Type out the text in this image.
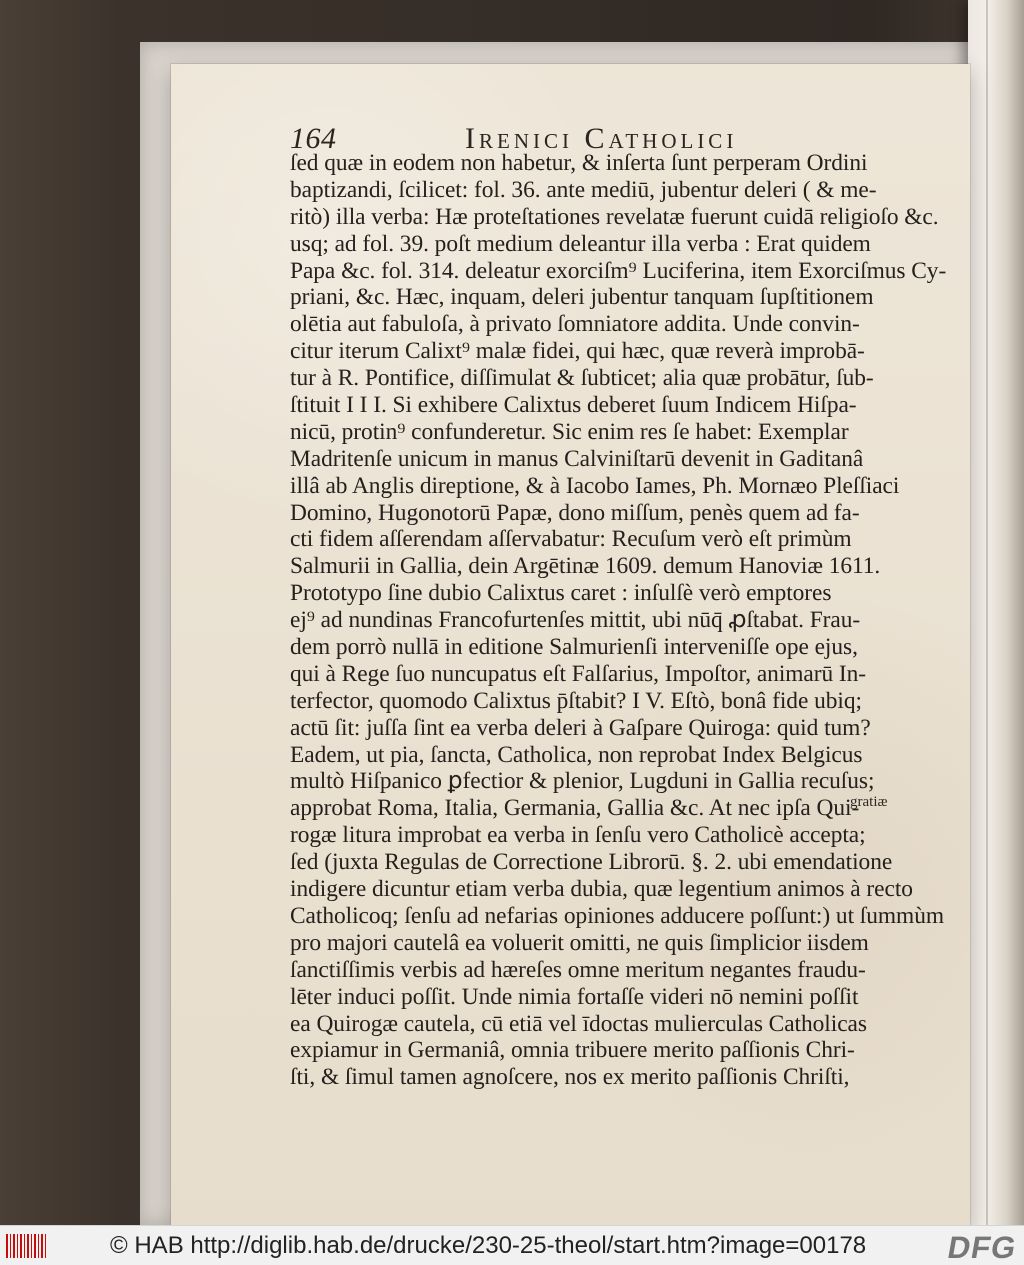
164	Irenici Catholici
ſed quæ in eodem non habetur, & inſerta ſunt perperam Ordini
baptizandi, ſcilicet: fol. 36. ante mediū, jubentur deleri ( & me-
ritò) illa verba: Hæ proteſtationes revelatæ fuerunt cuidā religioſo &c.
usq; ad fol. 39. poſt medium deleantur illa verba : Erat quidem
Papa &c. fol. 314. deleatur exorciſm⁹ Luciferina, item Exorciſmus Cy-
priani, &c. Hæc, inquam, deleri jubentur tanquam ſupſtitionem
olētia aut fabuloſa, à privato ſomniatore addita. Unde convin-
citur iterum Calixt⁹ malæ fidei, qui hæc, quæ reverà improbā-
tur à R. Pontifice, diſſimulat & ſubticet; alia quæ probātur, ſub-
ſtituit I I I. Si exhibere Calixtus deberet ſuum Indicem Hiſpa-
nicū, protin⁹ confunderetur. Sic enim res ſe habet: Exemplar
Madritenſe unicum in manus Calviniſtarū devenit in Gaditanâ
illâ ab Anglis direptione, & à Iacobo Iames, Ph. Mornæo Pleſſiaci
Domino, Hugonotorū Papæ, dono miſſum, penès quem ad fa-
cti fidem aſſerendam aſſervabatur: Recuſum verò eſt primùm
Salmurii in Gallia, dein Argētinæ 1609. demum Hanoviæ 1611.
Prototypo ſine dubio Calixtus caret : inſulſè verò emptores
ej⁹ ad nundinas Francofurtenſes mittit, ubi nūq̄ ꝓſtabat. Frau-
dem porrò nullā in editione Salmurienſi interveniſſe ope ejus,
qui à Rege ſuo nuncupatus eſt Falſarius, Impoſtor, animarū In-
terfector, quomodo Calixtus p̄ſtabit? I V. Eſtò, bonâ fide ubiq;
actū ſit: juſſa ſint ea verba deleri à Gaſpare Quiroga: quid tum?
Eadem, ut pia, ſancta, Catholica, non reprobat Index Belgicus
multò Hiſpanico ꝑfectior & plenior, Lugduni in Gallia recuſus;
approbat Roma, Italia, Germania, Gallia &c. At nec ipſa Qui-
rogæ litura improbat ea verba in ſenſu vero Catholicè accepta;
ſed (juxta Regulas de Correctione Librorū. §. 2. ubi emendatione
indigere dicuntur etiam verba dubia, quæ legentium animos à recto
Catholicoq; ſenſu ad nefarias opiniones adducere poſſunt:) ut ſummùm
pro majori cautelâ ea voluerit omitti, ne quis ſimplicior iisdem
ſanctiſſimis verbis ad hæreſes omne meritum negantes fraudu-
lēter induci poſſit. Unde nimia fortaſſe videri nō nemini poſſit
ea Quirogæ cautela, cū etiā vel īdoctas mulierculas Catholicas
expiamur in Germaniâ, omnia tribuere merito paſſionis Chri-
ſti, & ſimul tamen agnoſcere, nos ex merito paſſionis Chriſti,
gratiæ
© HAB http://diglib.hab.de/drucke/230-25-theol/start.htm?image=00178	DFG
